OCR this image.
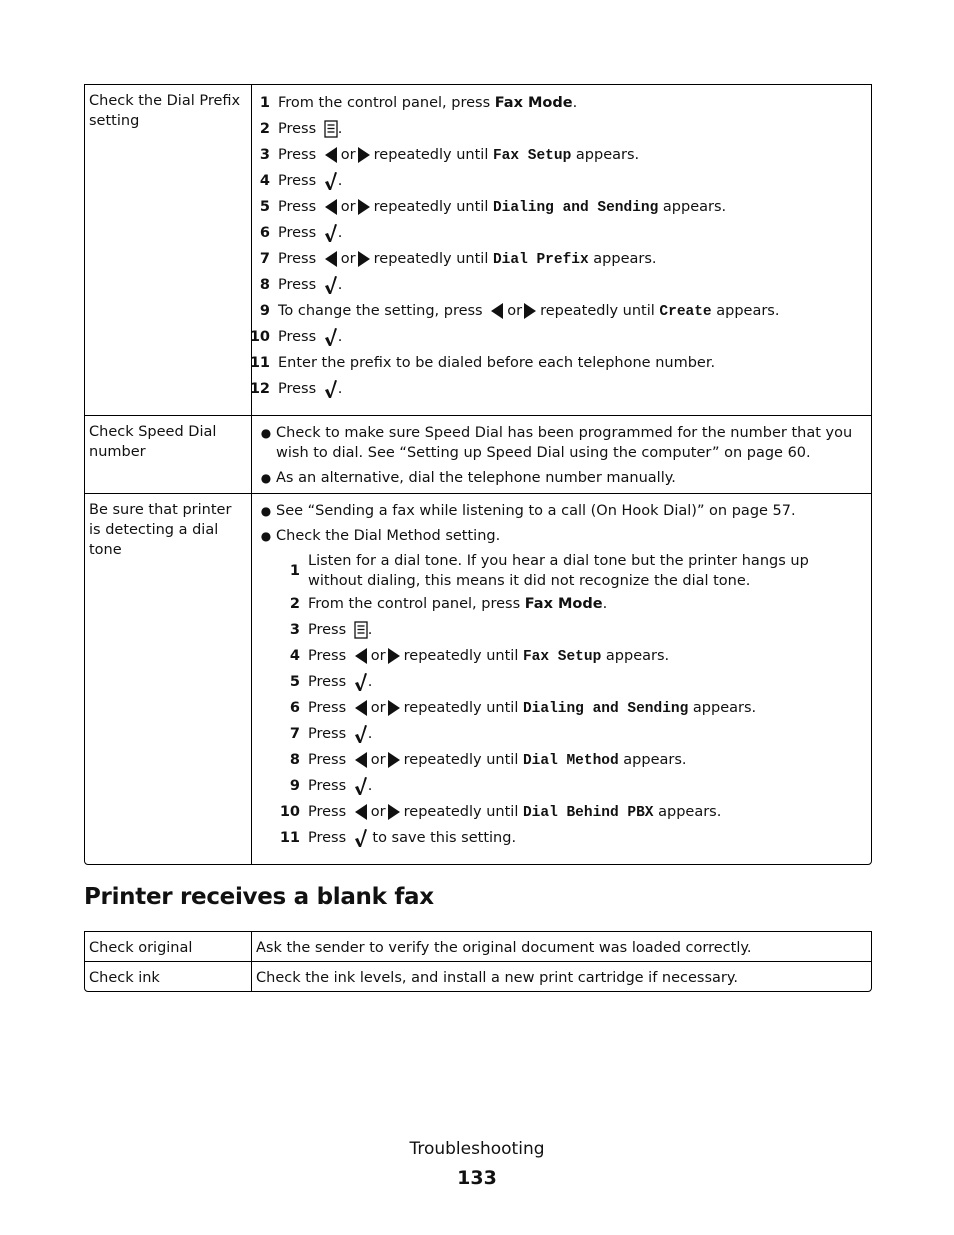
Check the Dial Prefix setting
1 From the control panel, press Fax Mode.
2 Press .
3 Press or repeatedly until Fax Setup appears.
4 Press .
5 Press or repeatedly until Dialing and Sending appears.
6 Press .
7 Press or repeatedly until Dial Prefix appears.
8 Press .
9 To change the setting, press or repeatedly until Create appears.
10 Press .
11 Enter the prefix to be dialed before each telephone number.
12 Press .
Check Speed Dial number
● Check to make sure Speed Dial has been programmed for the number that you wish to dial. See “Setting up Speed Dial using the computer” on page 60.
● As an alternative, dial the telephone number manually.
Be sure that printer is detecting a dial tone
● See “Sending a fax while listening to a call (On Hook Dial)” on page 57.
● Check the Dial Method setting.
1
Listen for a dial tone. If you hear a dial tone but the printer hangs up without dialing, this means it did not recognize the dial tone.
2 From the control panel, press Fax Mode.
3 Press .
4 Press or repeatedly until Fax Setup appears.
5 Press .
6 Press or repeatedly until Dialing and Sending appears.
7 Press .
8 Press or repeatedly until Dial Method appears.
9 Press .
10 Press or repeatedly until Dial Behind PBX appears.
11 Press  to save this setting.
Printer receives a blank fax
Check original	Ask the sender to verify the original document was loaded correctly.
Check ink	Check the ink levels, and install a new print cartridge if necessary.
Troubleshooting
133
